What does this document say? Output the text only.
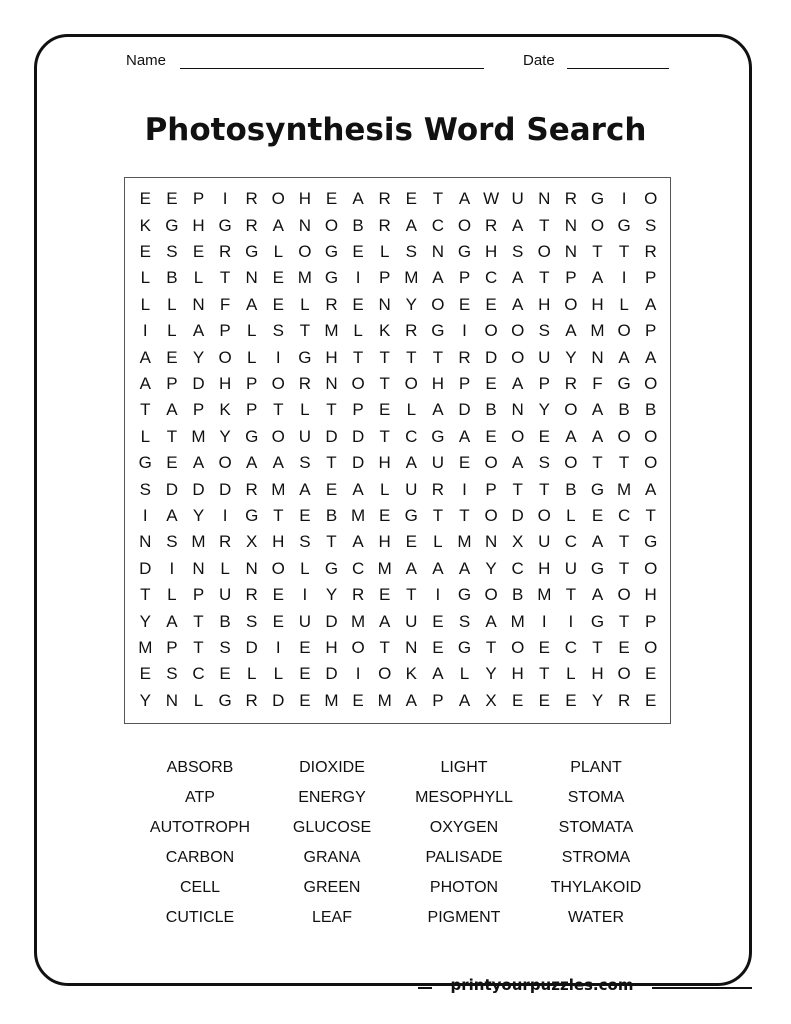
Name	Date
Photosynthesis Word Search
E E P	I	R O H E A R E T A W U N R G	I	O
K G H G R A N O B R A C O R A T N O G S
E S E R G L O G E L S N G H S O N T T R
L B L T N E M G	I	P M A P C A T P A	I	P
L	L N F A E L R E N Y O E E A H O H L A
I	L A P L S T M L K R G	I	O O S A M O P
A E Y O L	I	G H T T T T R D O U Y N A A
A P D H P O R N O T O H P E A P R F G O
T A P K P T L T P E L A D B N Y O A B B
L T M Y G O U D D T C G A E O E A A O O
G E A O A A S T D H A U E O A S O T T O
S D D D R M A E A L U R	I	P T T B G M A
I	A Y	I	G T E B M E G T T O D O L E C T
N S M R X H S T A H E L M N X U C A T G
D	I	N L N O L G C M A A A Y C H U G T O
T L P U R E	I	Y R E T	I	G O B M T A O H
Y A T B S E U D M A U E S A M	I	I	G T P
M P T S D	I	E H O T N E G T O E C T E O
E S C E L	L E D	I	O K A L Y H T L H O E
Y N L G R D E M E M A P A X E E E Y R E
ABSORB	DIOXIDE	LIGHT	PLANT
ATP	ENERGY	MESOPHYLL	STOMA
AUTOTROPH	GLUCOSE	OXYGEN	STOMATA
CARBON	GRANA	PALISADE	STROMA
CELL	GREEN	PHOTON	THYLAKOID
CUTICLE	LEAF	PIGMENT	WATER
printyourpuzzles.com
